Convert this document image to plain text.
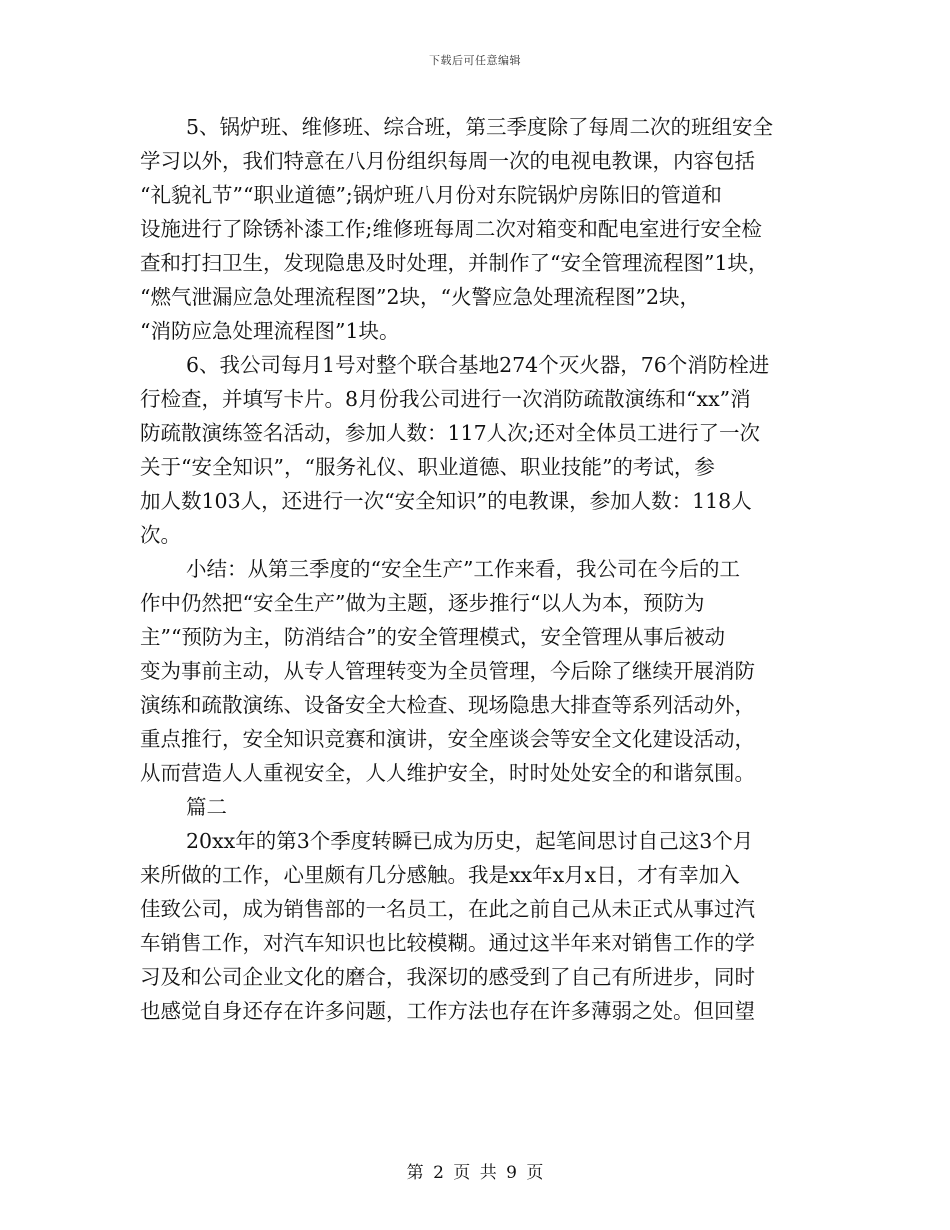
下载后可任意编辑
5、锅炉班、维修班、综合班，第三季度除了每周二次的班组安全
学习以外，我们特意在八月份组织每周一次的电视电教课，内容包括
“礼貌礼节”“职业道德”;锅炉班八月份对东院锅炉房陈旧的管道和
设施进行了除锈补漆工作;维修班每周二次对箱变和配电室进行安全检
查和打扫卫生，发现隐患及时处理，并制作了“安全管理流程图”1块，
“燃气泄漏应急处理流程图”2块，“火警应急处理流程图”2块，
“消防应急处理流程图”1块。
6、我公司每月1号对整个联合基地274个灭火器，76个消防栓进
行检查，并填写卡片。8月份我公司进行一次消防疏散演练和“xx”消
防疏散演练签名活动，参加人数：117人次;还对全体员工进行了一次
关于“安全知识”，“服务礼仪、职业道德、职业技能”的考试，参
加人数103人，还进行一次“安全知识”的电教课，参加人数：118人
次。
小结：从第三季度的“安全生产”工作来看，我公司在今后的工
作中仍然把“安全生产”做为主题，逐步推行“以人为本，预防为
主”“预防为主，防消结合”的安全管理模式，安全管理从事后被动
变为事前主动，从专人管理转变为全员管理，今后除了继续开展消防
演练和疏散演练、设备安全大检查、现场隐患大排查等系列活动外，
重点推行，安全知识竞赛和演讲，安全座谈会等安全文化建设活动，
从而营造人人重视安全，人人维护安全，时时处处安全的和谐氛围。
篇二
20xx年的第3个季度转瞬已成为历史，起笔间思讨自己这3个月
来所做的工作，心里颇有几分感触。我是xx年x月x日，才有幸加入
佳致公司，成为销售部的一名员工，在此之前自己从未正式从事过汽
车销售工作，对汽车知识也比较模糊。通过这半年来对销售工作的学
习及和公司企业文化的磨合，我深切的感受到了自己有所进步，同时
也感觉自身还存在许多问题，工作方法也存在许多薄弱之处。但回望
第 2 页 共 9 页
